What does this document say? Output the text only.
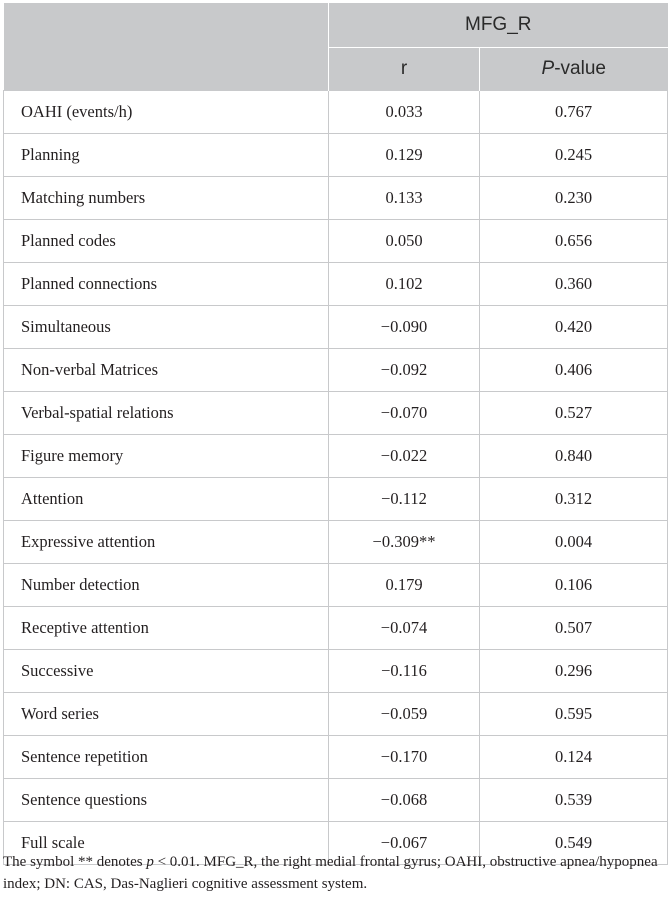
	MFG_R	
	r	P-value
OAHI (events/h)	0.033	0.767
Planning	0.129	0.245
Matching numbers	0.133	0.230
Planned codes	0.050	0.656
Planned connections	0.102	0.360
Simultaneous	−0.090	0.420
Non-verbal Matrices	−0.092	0.406
Verbal-spatial relations	−0.070	0.527
Figure memory	−0.022	0.840
Attention	−0.112	0.312
Expressive attention	−0.309**	0.004
Number detection	0.179	0.106
Receptive attention	−0.074	0.507
Successive	−0.116	0.296
Word series	−0.059	0.595
Sentence repetition	−0.170	0.124
Sentence questions	−0.068	0.539
Full scale	−0.067	0.549
The symbol ** denotes p < 0.01. MFG_R, the right medial frontal gyrus; OAHI, obstructive apnea/hypopnea index; DN: CAS, Das-Naglieri cognitive assessment system.
